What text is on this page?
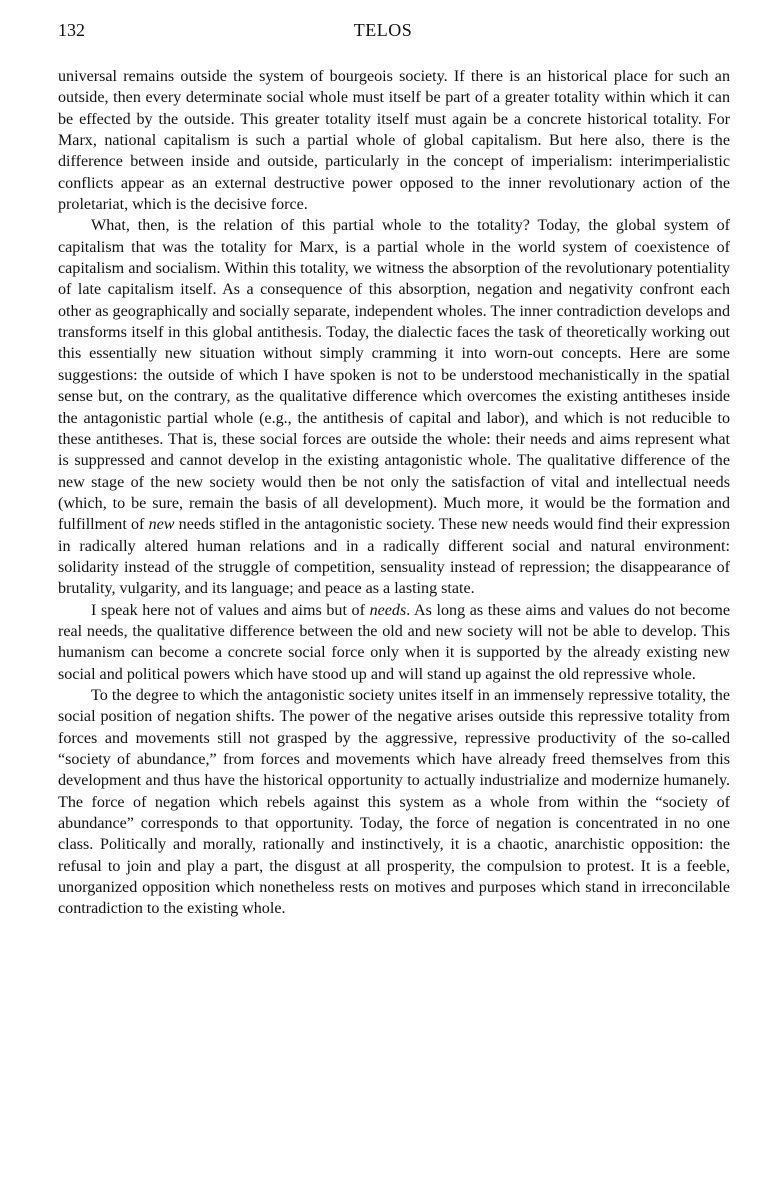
132	TELOS

universal remains outside the system of bourgeois society. If there is an historical place for such an outside, then every determinate social whole must itself be part of a greater totality within which it can be effected by the outside. This greater totality itself must again be a concrete historical totality. For Marx, national capitalism is such a partial whole of global capitalism. But here also, there is the difference between inside and outside, particularly in the concept of imperialism: interimperialistic conflicts appear as an external destructive power opposed to the inner revolutionary action of the proletariat, which is the decisive force.

What, then, is the relation of this partial whole to the totality? Today, the global system of capitalism that was the totality for Marx, is a partial whole in the world system of coexistence of capitalism and socialism. Within this totality, we witness the absorption of the revolutionary potentiality of late capitalism itself. As a consequence of this absorption, negation and negativity confront each other as geographically and socially separate, independent wholes. The inner contradiction develops and transforms itself in this global antithesis. Today, the dialectic faces the task of theoretically working out this essentially new situation without simply cramming it into worn-out concepts. Here are some suggestions: the outside of which I have spoken is not to be understood mechanistically in the spatial sense but, on the contrary, as the qualitative difference which overcomes the existing antitheses inside the antagonistic partial whole (e.g., the antithesis of capital and labor), and which is not reducible to these antitheses. That is, these social forces are outside the whole: their needs and aims represent what is suppressed and cannot develop in the existing antagonistic whole. The qualitative difference of the new stage of the new society would then be not only the satisfaction of vital and intellectual needs (which, to be sure, remain the basis of all development). Much more, it would be the formation and fulfillment of new needs stifled in the antagonistic society. These new needs would find their expression in radically altered human relations and in a radically different social and natural environment: solidarity instead of the struggle of competition, sensuality instead of repression; the disappearance of brutality, vulgarity, and its language; and peace as a lasting state.

I speak here not of values and aims but of needs. As long as these aims and values do not become real needs, the qualitative difference between the old and new society will not be able to develop. This humanism can become a concrete social force only when it is supported by the already existing new social and political powers which have stood up and will stand up against the old repressive whole.

To the degree to which the antagonistic society unites itself in an immensely repressive totality, the social position of negation shifts. The power of the negative arises outside this repressive totality from forces and movements still not grasped by the aggressive, repressive productivity of the so-called “society of abundance,” from forces and movements which have already freed themselves from this development and thus have the historical opportunity to actually industrialize and modernize humanely. The force of negation which rebels against this system as a whole from within the “society of abundance” corresponds to that opportunity. Today, the force of negation is concentrated in no one class. Politically and morally, rationally and instinctively, it is a chaotic, anarchistic opposition: the refusal to join and play a part, the disgust at all prosperity, the compulsion to protest. It is a feeble, unorganized opposition which nonetheless rests on motives and purposes which stand in irreconcilable contradiction to the existing whole.
